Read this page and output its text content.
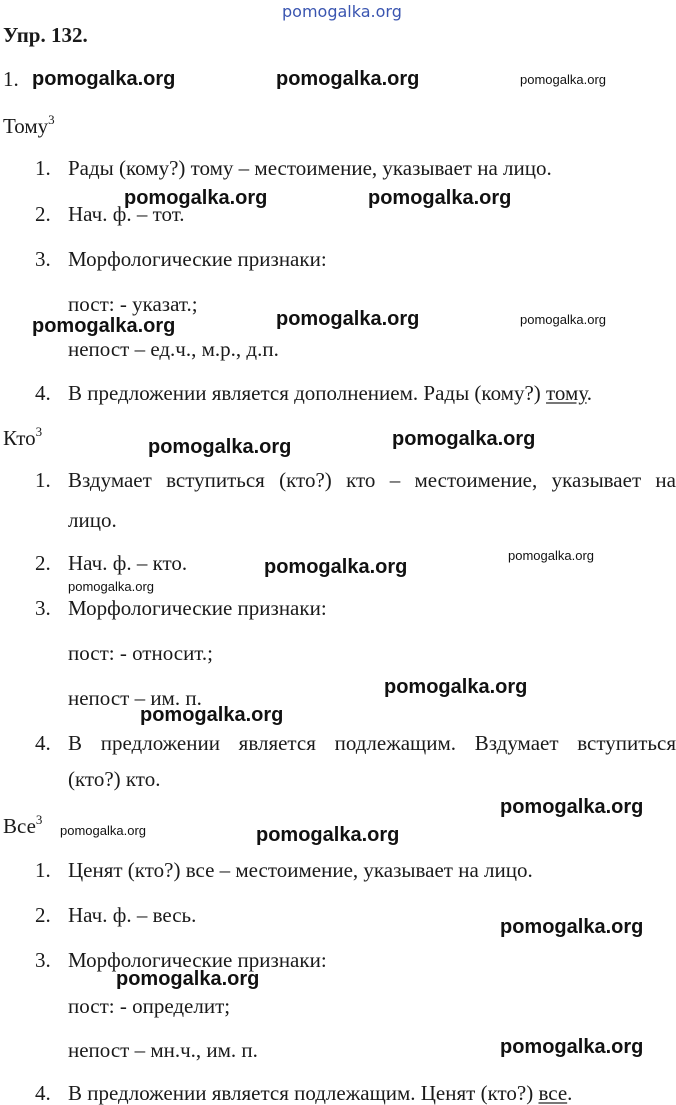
pomogalka.org
Упр. 132.
1.
Тому$^3$
1. Рады (кому?) тому – местоимение, указывает на лицо.
2. Нач. ф. – тот.
3. Морфологические признаки:
пост: - указат.;
непост – ед.ч., м.р., д.п.
4. В предложении является дополнением. Рады (кому?) тому.
Кто$^3$
1. Вздумает вступиться (кто?) кто – местоимение, указывает на
лицо.
2. Нач. ф. – кто.
3. Морфологические признаки:
пост: - относит.;
непост – им. п.
4. В предложении является подлежащим. Вздумает вступиться
(кто?) кто.
Все$^3$
1. Ценят (кто?) все – местоимение, указывает на лицо.
2. Нач. ф. – весь.
3. Морфологические признаки:
пост: - определит;
непост – мн.ч., им. п.
4. В предложении является подлежащим. Ценят (кто?) все.
pomogalka.org	pomogalka.org	pomogalka.org
pomogalka.org	pomogalka.org
pomogalka.org	pomogalka.org	pomogalka.org
pomogalka.org	pomogalka.org
pomogalka.org
pomogalka.org
pomogalka.org
pomogalka.org
pomogalka.org
pomogalka.org
pomogalka.org	pomogalka.org
pomogalka.org
pomogalka.org
pomogalka.org
